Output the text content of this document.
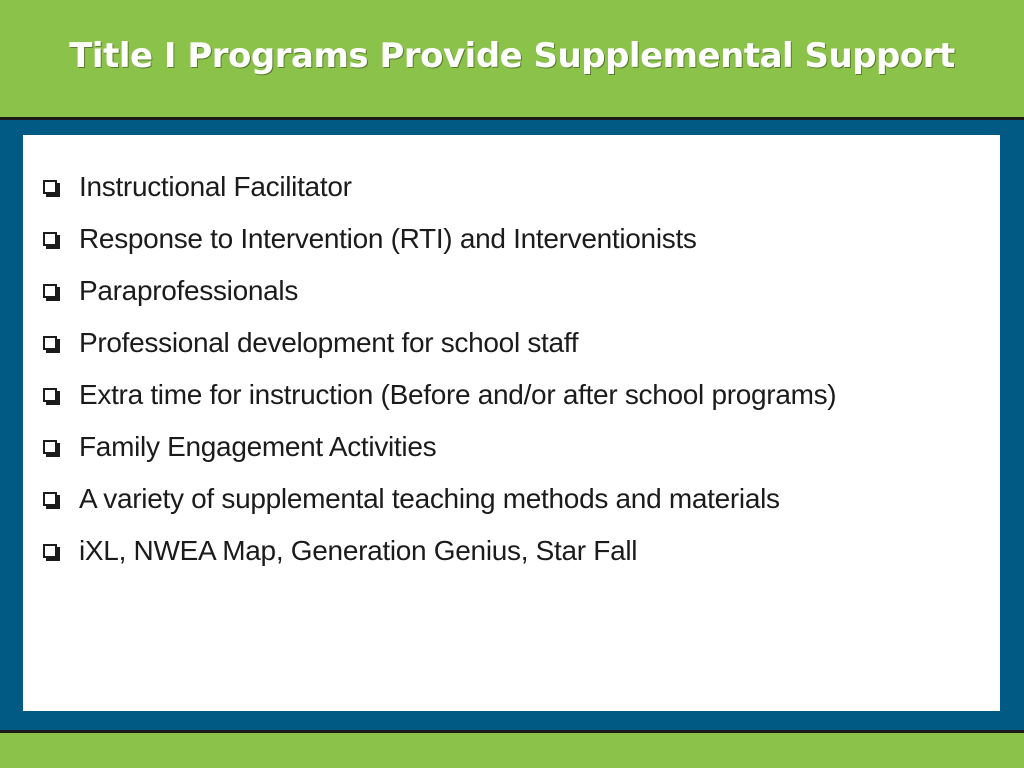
Title I Programs Provide Supplemental Support
Instructional Facilitator
Response to Intervention (RTI) and Interventionists
Paraprofessionals
Professional development for school staff
Extra time for instruction (Before and/or after school programs)
Family Engagement Activities
A variety of supplemental teaching methods and materials
iXL, NWEA Map, Generation Genius, Star Fall
